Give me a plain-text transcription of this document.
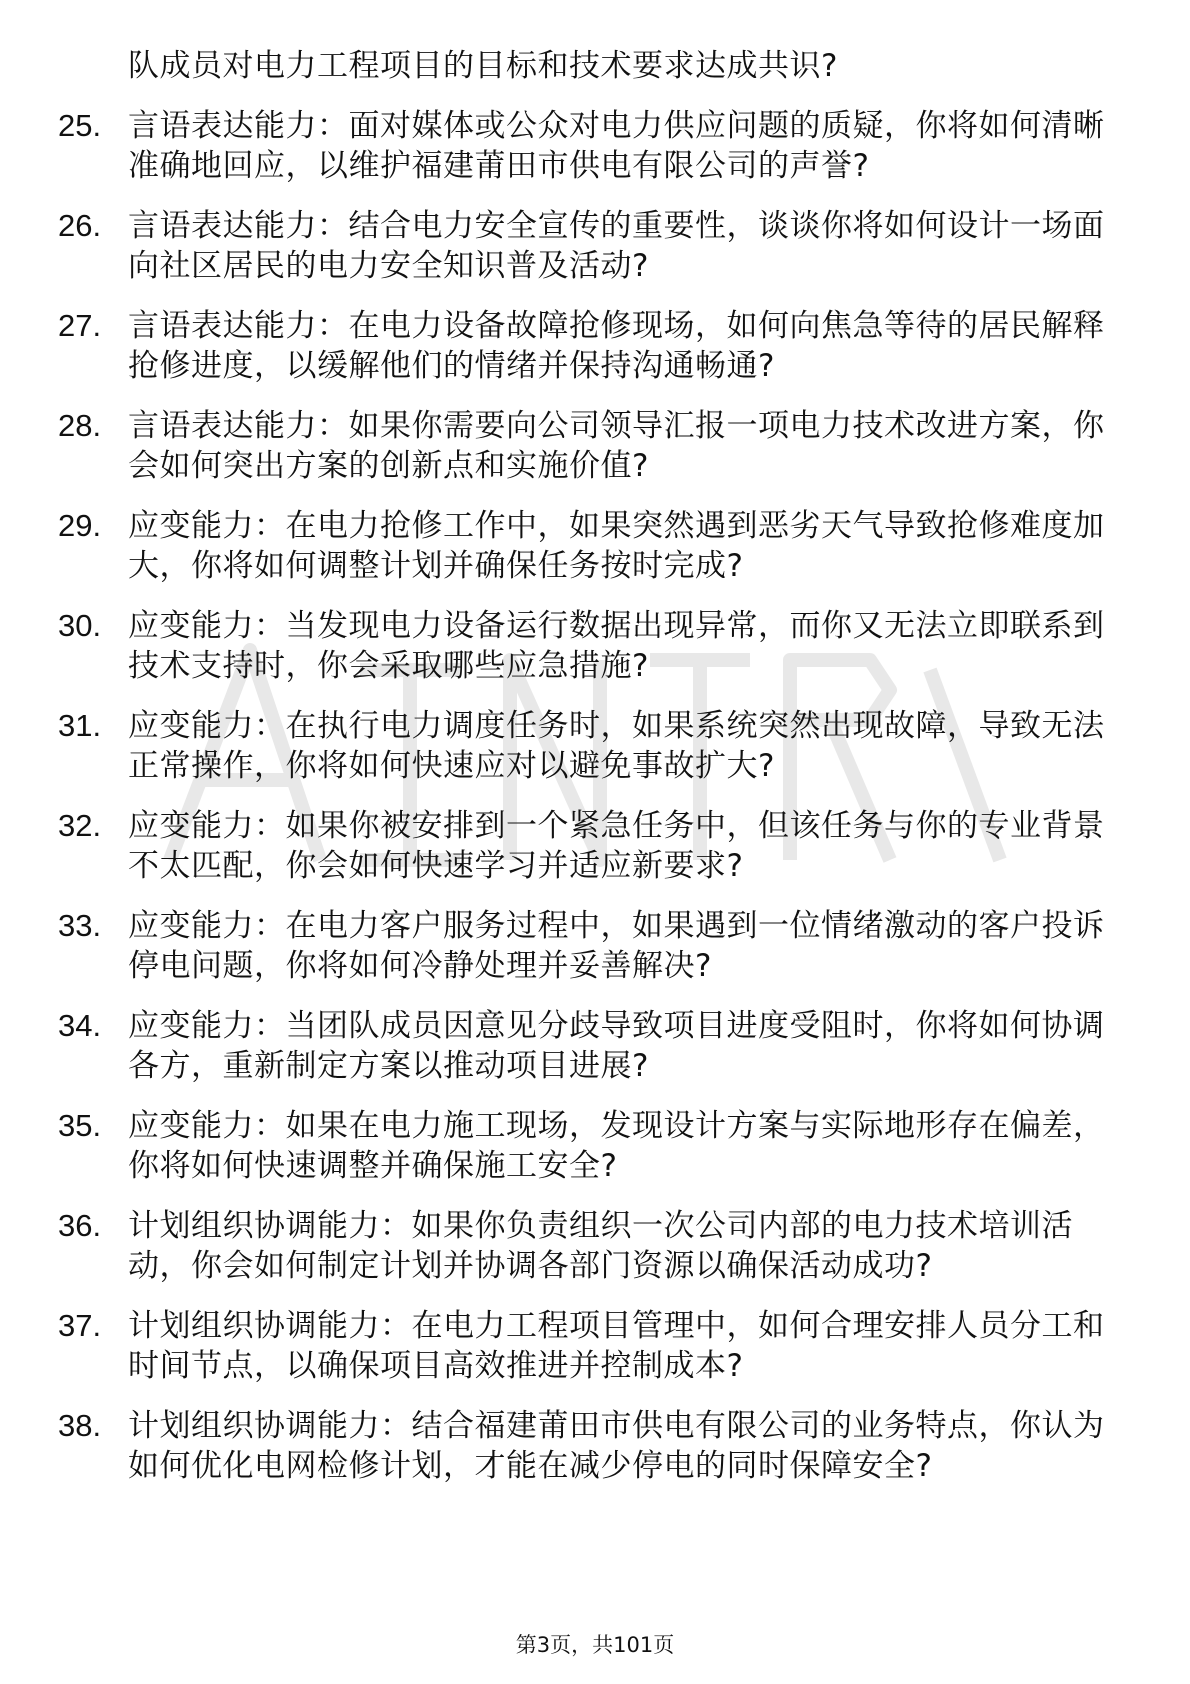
队成员对电力工程项目的目标和技术要求达成共识?

25. 言语表达能力：面对媒体或公众对电力供应问题的质疑，你将如何清晰准确地回应，以维护福建莆田市供电有限公司的声誉?
26. 言语表达能力：结合电力安全宣传的重要性，谈谈你将如何设计一场面向社区居民的电力安全知识普及活动?
27. 言语表达能力：在电力设备故障抢修现场，如何向焦急等待的居民解释抢修进度，以缓解他们的情绪并保持沟通畅通?
28. 言语表达能力：如果你需要向公司领导汇报一项电力技术改进方案，你会如何突出方案的创新点和实施价值?
29. 应变能力：在电力抢修工作中，如果突然遇到恶劣天气导致抢修难度加大，你将如何调整计划并确保任务按时完成?
30. 应变能力：当发现电力设备运行数据出现异常，而你又无法立即联系到技术支持时，你会采取哪些应急措施?
31. 应变能力：在执行电力调度任务时，如果系统突然出现故障，导致无法正常操作，你将如何快速应对以避免事故扩大?
32. 应变能力：如果你被安排到一个紧急任务中，但该任务与你的专业背景不太匹配，你会如何快速学习并适应新要求?
33. 应变能力：在电力客户服务过程中，如果遇到一位情绪激动的客户投诉停电问题，你将如何冷静处理并妥善解决?
34. 应变能力：当团队成员因意见分歧导致项目进度受阻时，你将如何协调各方，重新制定方案以推动项目进展?
35. 应变能力：如果在电力施工现场，发现设计方案与实际地形存在偏差，你将如何快速调整并确保施工安全?
36. 计划组织协调能力：如果你负责组织一次公司内部的电力技术培训活动，你会如何制定计划并协调各部门资源以确保活动成功?
37. 计划组织协调能力：在电力工程项目管理中，如何合理安排人员分工和时间节点，以确保项目高效推进并控制成本?
38. 计划组织协调能力：结合福建莆田市供电有限公司的业务特点，你认为如何优化电网检修计划，才能在减少停电的同时保障安全?
第3页，共101页
